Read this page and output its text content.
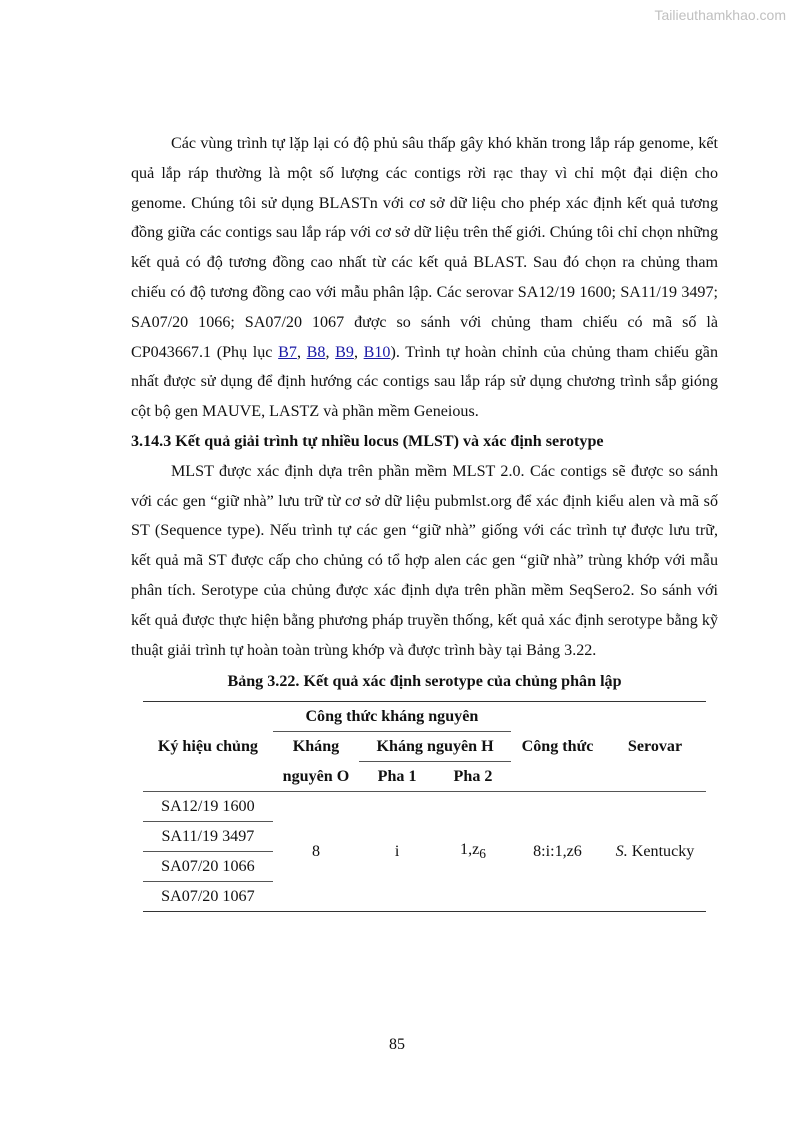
Tailieuthamkhao.com

Các vùng trình tự lặp lại có độ phủ sâu thấp gây khó khăn trong lắp ráp genome, kết quả lắp ráp thường là một số lượng các contigs rời rạc thay vì chỉ một đại diện cho genome. Chúng tôi sử dụng BLASTn với cơ sở dữ liệu cho phép xác định kết quả tương đồng giữa các contigs sau lắp ráp với cơ sở dữ liệu trên thế giới. Chúng tôi chỉ chọn những kết quả có độ tương đồng cao nhất từ các kết quả BLAST. Sau đó chọn ra chủng tham chiếu có độ tương đồng cao với mẫu phân lập. Các serovar SA12/19 1600; SA11/19 3497; SA07/20 1066; SA07/20 1067 được so sánh với chủng tham chiếu có mã số là CP043667.1 (Phụ lục B7, B8, B9, B10). Trình tự hoàn chỉnh của chủng tham chiếu gần nhất được sử dụng để định hướng các contigs sau lắp ráp sử dụng chương trình sắp gióng cột bộ gen MAUVE, LASTZ và phần mềm Geneious.

3.14.3 Kết quả giải trình tự nhiều locus (MLST) và xác định serotype

MLST được xác định dựa trên phần mềm MLST 2.0. Các contigs sẽ được so sánh với các gen “giữ nhà” lưu trữ từ cơ sở dữ liệu pubmlst.org để xác định kiểu alen và mã số ST (Sequence type). Nếu trình tự các gen “giữ nhà” giống với các trình tự được lưu trữ, kết quả mã ST được cấp cho chủng có tổ hợp alen các gen “giữ nhà” trùng khớp với mẫu phân tích. Serotype của chủng được xác định dựa trên phần mềm SeqSero2. So sánh với kết quả được thực hiện bằng phương pháp truyền thống, kết quả xác định serotype bằng kỹ thuật giải trình tự hoàn toàn trùng khớp và được trình bày tại Bảng 3.22.

Bảng 3.22. Kết quả xác định serotype của chủng phân lập
Ký hiệu chủng	Công thức kháng nguyên			Công thức	Serovar
	Kháng	Kháng nguyên H			
	nguyên O	Pha 1	Pha 2		
SA12/19 1600	8	i	$1,z_6$	8:i:1,z6	S. Kentucky
SA11/19 3497					
SA07/20 1066					
SA07/20 1067					
85
